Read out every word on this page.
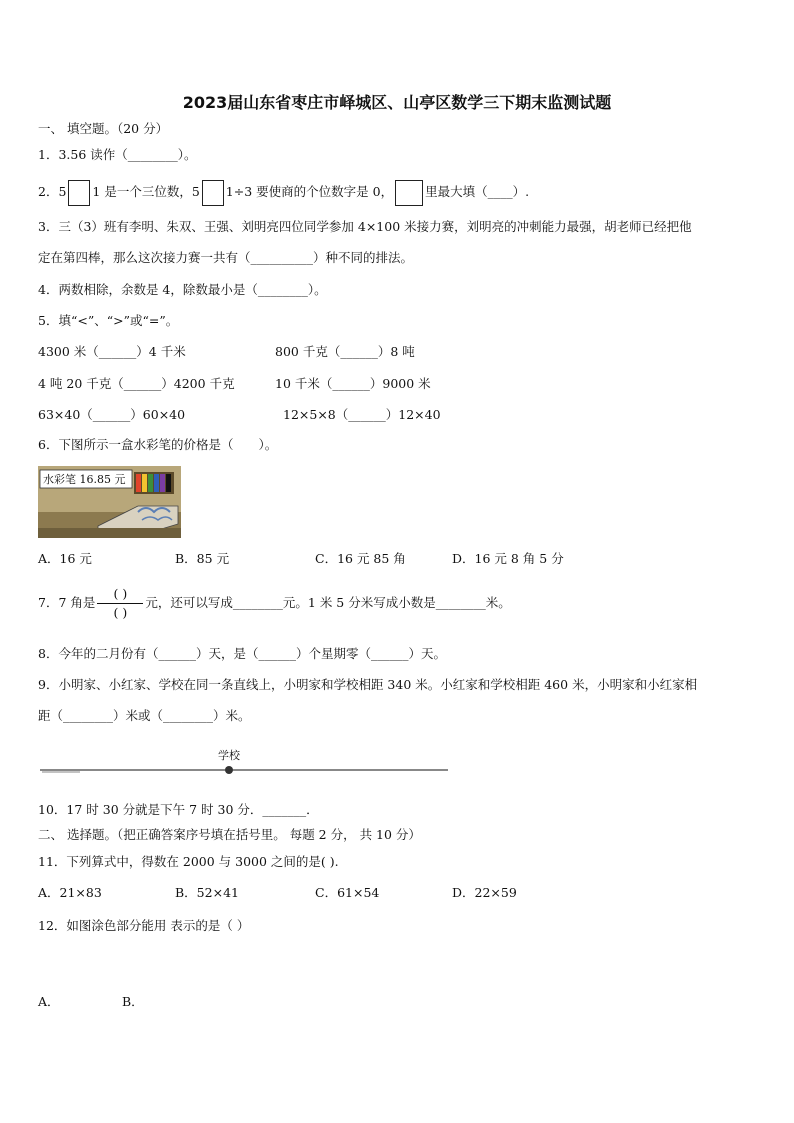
2023届山东省枣庄市峄城区、山亭区数学三下期末监测试题
一、 填空题。（20 分）
1．3.56 读作（________）。
2．5 1 是一个三位数，5 1÷3 要使商的个位数字是 0，	里最大填（____）.
3．三（3）班有李明、朱双、王强、刘明亮四位同学参加 4×100 米接力赛，刘明亮的冲刺能力最强，胡老师已经把他
定在第四棒，那么这次接力赛一共有（__________）种不同的排法。
4．两数相除，余数是 4，除数最小是（________）。
5．填“<”、“>”或“=”。
4300 米（______）4 千米	800 千克（______）8 吨
4 吨 20 千克（______）4200 千克	10 千米（______）9000 米
63×40（______）60×40	12×5×8（______）12×40
6．下图所示一盒水彩笔的价格是（　　）。
水彩笔 16.85 元
A．16 元	B．85 元	C．16 元 85 角	D．16 元 8 角 5 分
7．7 角是 $\frac{( )}{( )}$ 元，还可以写成________元。1 米 5 分米写成小数是________米。
8．今年的二月份有（______）天，是（______）个星期零（______）天。
9．小明家、小红家、学校在同一条直线上，小明家和学校相距 340 米。小红家和学校相距 460 米，小明家和小红家相
距（________）米或（________）米。
学校
10．17 时 30 分就是下午 7 时 30 分．_______．
二、 选择题。（把正确答案序号填在括号里。 每题 2 分， 共 10 分）
11．下列算式中，得数在 2000 与 3000 之间的是( ).
A．21×83	B．52×41	C．61×54	D．22×59
12．如图涂色部分能用 表示的是（ ）
A．	B．
